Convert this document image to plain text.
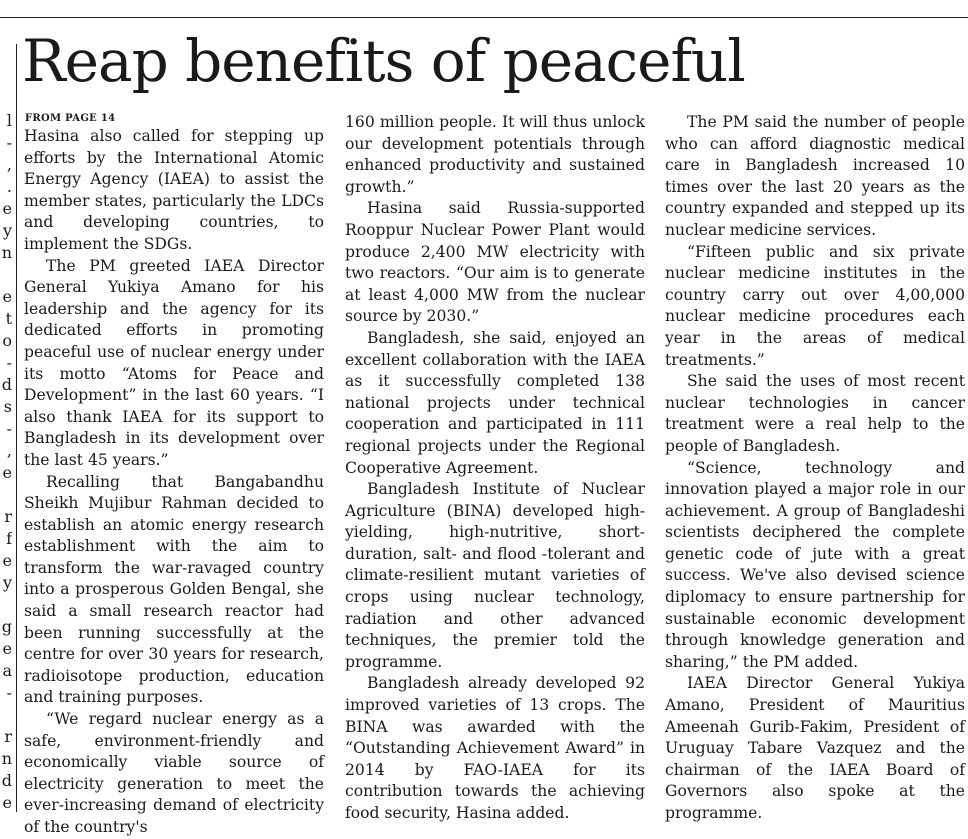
l
-
,
.
e
y
n

e
t
o
-
d
s
-
,
e

r
f
e
y

g
e
a
-

r
n
d
e
Reap benefits of peaceful
FROM PAGE 14

Hasina also called for stepping up efforts by the International Atomic Energy Agency (IAEA) to assist the member states, particularly the LDCs and developing countries, to implement the SDGs.

The PM greeted IAEA Director General Yukiya Amano for his leadership and the agency for its dedicated efforts in promoting peaceful use of nuclear energy under its motto “Atoms for Peace and Development” in the last 60 years. “I also thank IAEA for its support to Bangladesh in its development over the last 45 years.”

Recalling that Bangabandhu Sheikh Mujibur Rahman decided to establish an atomic energy research establishment with the aim to transform the war-ravaged country into a prosperous Golden Bengal, she said a small research reactor had been running successfully at the centre for over 30 years for research, radioisotope production, education and training purposes.

“We regard nuclear energy as a safe, environment-friendly and economically viable source of electricity generation to meet the ever-increasing demand of electricity of the country's

160 million people. It will thus unlock our development potentials through enhanced productivity and sustained growth.”

Hasina said Russia-supported Rooppur Nuclear Power Plant would produce 2,400 MW electricity with two reactors. “Our aim is to generate at least 4,000 MW from the nuclear source by 2030.”

Bangladesh, she said, enjoyed an excellent collaboration with the IAEA as it successfully completed 138 national projects under technical cooperation and participated in 111 regional projects under the Regional Cooperative Agreement.

Bangladesh Institute of Nuclear Agriculture (BINA) developed high-yielding, high-nutritive, short-duration, salt- and flood -tolerant and climate-resilient mutant varieties of crops using nuclear technology, radiation and other advanced techniques, the premier told the programme.

Bangladesh already developed 92 improved varieties of 13 crops. The BINA was awarded with the “Outstanding Achievement Award” in 2014 by FAO-IAEA for its contribution towards the achieving food security, Hasina added.

The PM said the number of people who can afford diagnostic medical care in Bangladesh increased 10 times over the last 20 years as the country expanded and stepped up its nuclear medicine services.

“Fifteen public and six private nuclear medicine institutes in the country carry out over 4,00,000 nuclear medicine procedures each year in the areas of medical treatments.”

She said the uses of most recent nuclear technologies in cancer treatment were a real help to the people of Bangladesh.

“Science, technology and innovation played a major role in our achievement. A group of Bangladeshi scientists deciphered the complete genetic code of jute with a great success. We've also devised science diplomacy to ensure partnership for sustainable economic development through knowledge generation and sharing,” the PM added.

IAEA Director General Yukiya Amano, President of Mauritius Ameenah Gurib-Fakim, President of Uruguay Tabare Vazquez and the chairman of the IAEA Board of Governors also spoke at the programme.
